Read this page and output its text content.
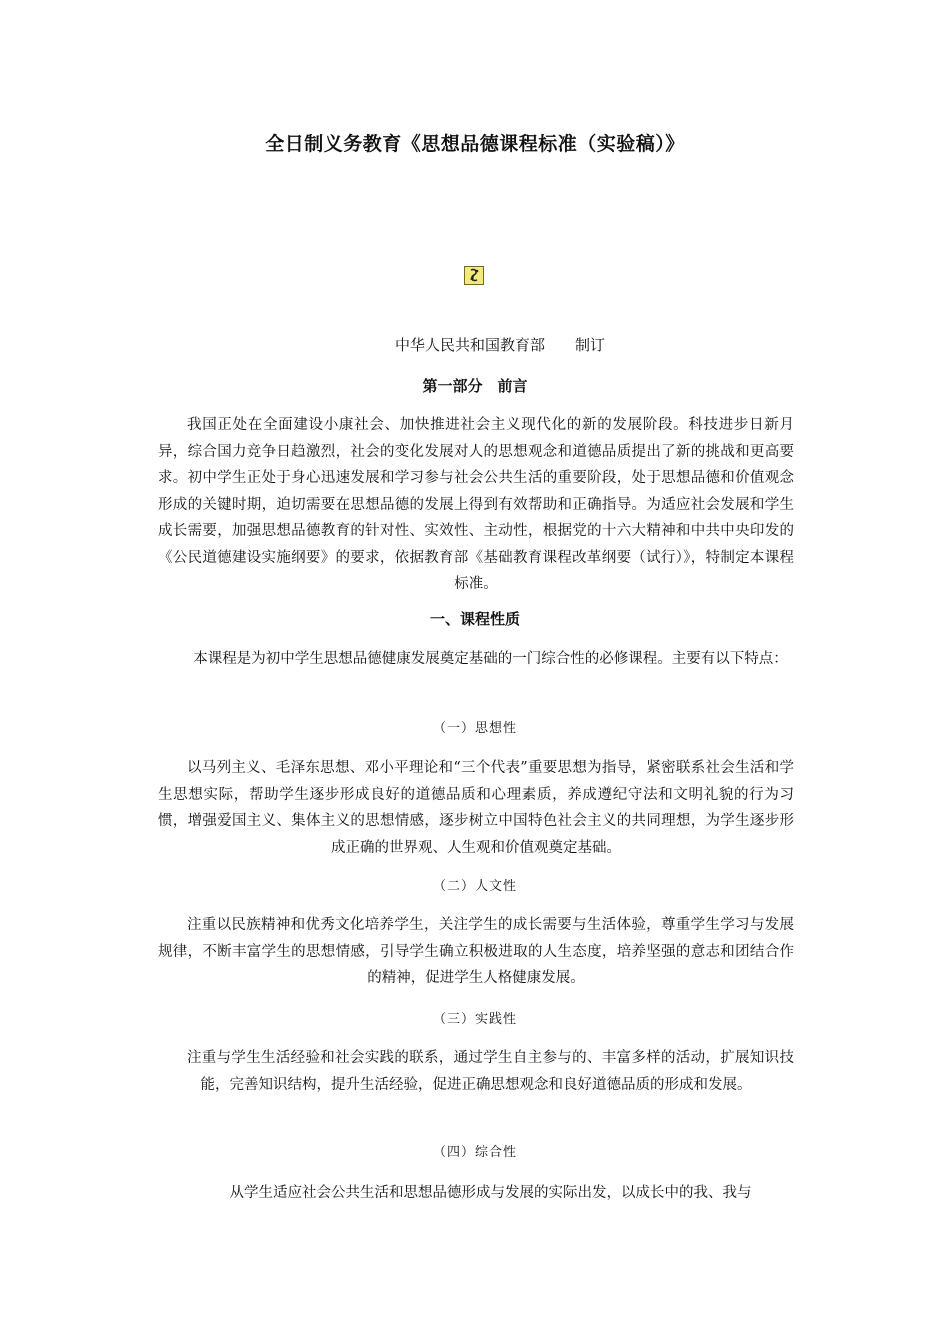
全日制义务教育《思想品德课程标准（实验稿）》
中华人民共和国教育部 制订
第一部分　前言
我国正处在全面建设小康社会、加快推进社会主义现代化的新的发展阶段。科技进步日新月异，综合国力竞争日趋激烈，社会的变化发展对人的思想观念和道德品质提出了新的挑战和更高要求。初中学生正处于身心迅速发展和学习参与社会公共生活的重要阶段，处于思想品德和价值观念形成的关键时期，迫切需要在思想品德的发展上得到有效帮助和正确指导。为适应社会发展和学生成长需要，加强思想品德教育的针对性、实效性、主动性，根据党的十六大精神和中共中央印发的《公民道德建设实施纲要》的要求，依据教育部《基础教育课程改革纲要（试行）》，特制定本课程标准。
一、课程性质
本课程是为初中学生思想品德健康发展奠定基础的一门综合性的必修课程。主要有以下特点：
（一）思想性
以马列主义、毛泽东思想、邓小平理论和“三个代表”重要思想为指导，紧密联系社会生活和学生思想实际，帮助学生逐步形成良好的道德品质和心理素质，养成遵纪守法和文明礼貌的行为习惯，增强爱国主义、集体主义的思想情感，逐步树立中国特色社会主义的共同理想，为学生逐步形成正确的世界观、人生观和价值观奠定基础。
（二）人文性
注重以民族精神和优秀文化培养学生，关注学生的成长需要与生活体验，尊重学生学习与发展规律，不断丰富学生的思想情感，引导学生确立积极进取的人生态度，培养坚强的意志和团结合作的精神，促进学生人格健康发展。
（三）实践性
注重与学生生活经验和社会实践的联系，通过学生自主参与的、丰富多样的活动，扩展知识技能，完善知识结构，提升生活经验，促进正确思想观念和良好道德品质的形成和发展。
（四）综合性
从学生适应社会公共生活和思想品德形成与发展的实际出发，以成长中的我、我与
